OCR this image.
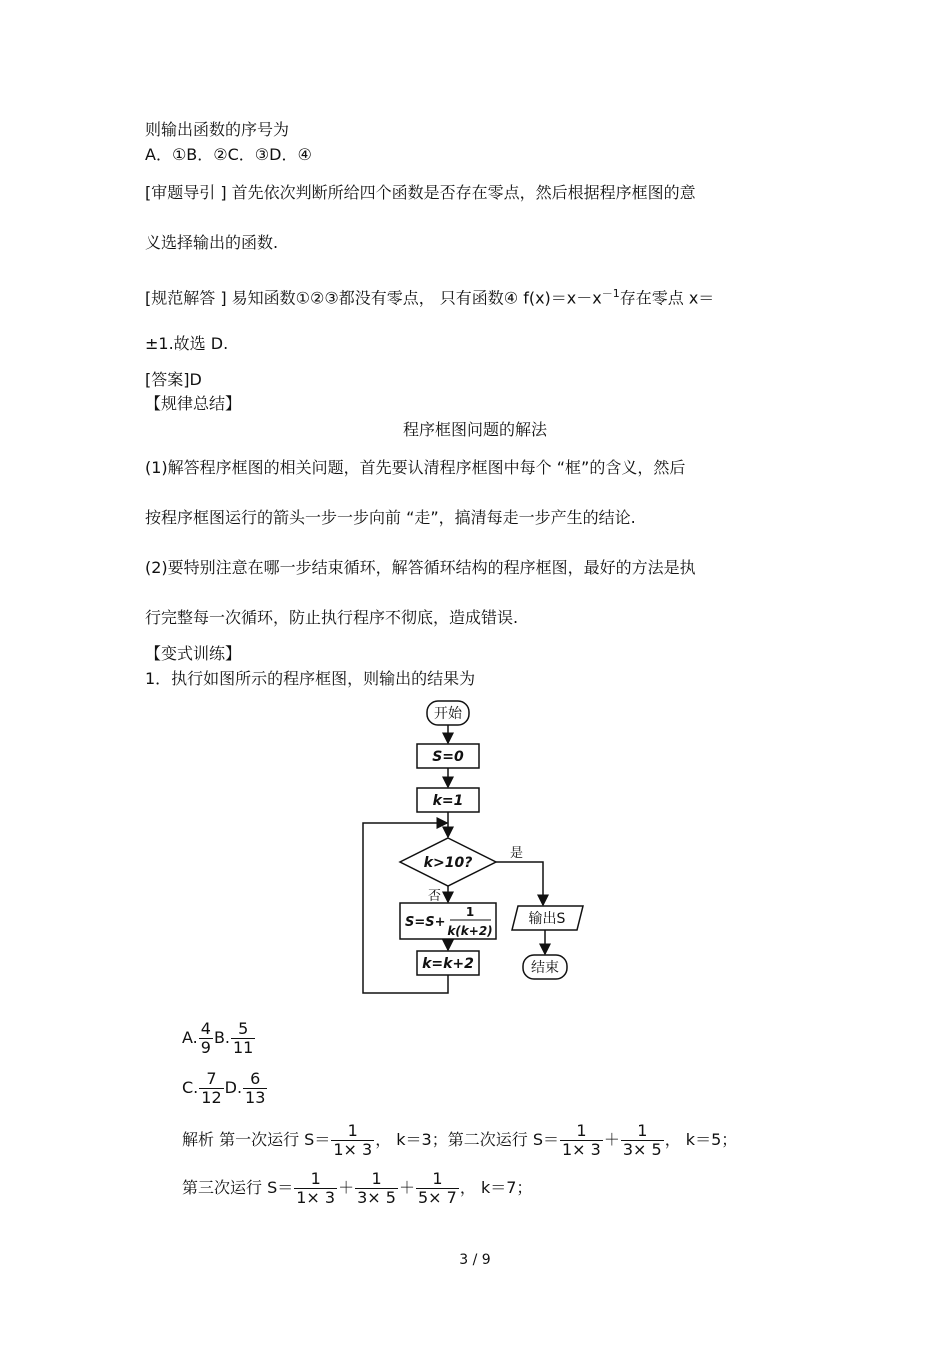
则输出函数的序号为
A．①B．②C．③D．④
[审题导引 ] 首先依次判断所给四个函数是否存在零点，然后根据程序框图的意
义选择输出的函数.
[规范解答 ] 易知函数①②③都没有零点， 只有函数④ $f(x)=x-x^{-1}$存在零点 x＝
±1.故选 D.
[答案]D
【规律总结】
程序框图问题的解法
(1)解答程序框图的相关问题，首先要认清程序框图中每个 “框”的含义，然后
按程序框图运行的箭头一步一步向前 “走”，搞清每走一步产生的结论.
(2)要特别注意在哪一步结束循环，解答循环结构的程序框图，最好的方法是执
行完整每一次循环，防止执行程序不彻底，造成错误.
【变式训练】
1．执行如图所示的程序框图，则输出的结果为
开始
S=0
k=1
k>10?
是
否
S=S+
1
k(k+2)
k=k+2
输出S
结束
A. $\frac{4}{9} B$. $\frac{5}{11}$
C. $\frac{7}{12} D$. $\frac{6}{13}$
解析 第一次运行 $S= \frac{1}{1\times 3}$ ， k＝3；第二次运行 $S= \frac{1}{1\times 3} + \frac{1}{3\times 5}$ ， k＝5；
第三次运行 $S= \frac{1}{1\times 3} + \frac{1}{3\times 5} + \frac{1}{5\times 7}$ ， k＝7；
3 / 9
